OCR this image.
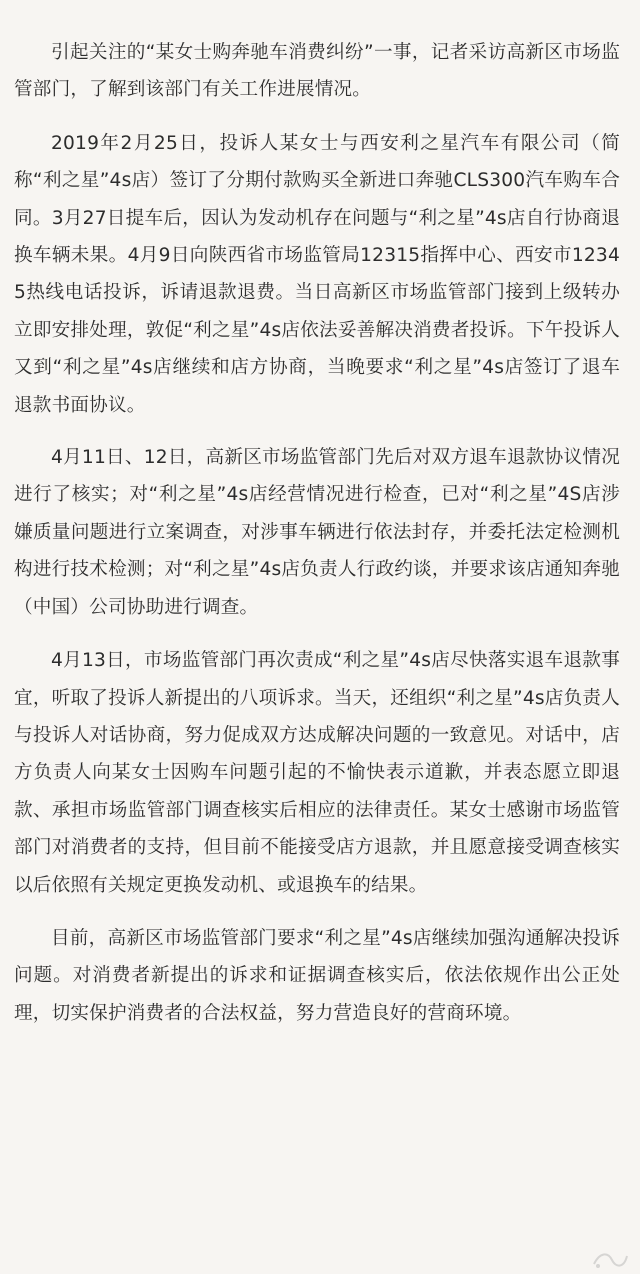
引起关注的“某女士购奔驰车消费纠纷”一事，记者采访高新区市场监管部门，了解到该部门有关工作进展情况。

2019年2月25日，投诉人某女士与西安利之星汽车有限公司（简称“利之星”4s店）签订了分期付款购买全新进口奔驰CLS300汽车购车合同。3月27日提车后，因认为发动机存在问题与“利之星”4s店自行协商退换车辆未果。4月9日向陕西省市场监管局12315指挥中心、西安市12345热线电话投诉，诉请退款退费。当日高新区市场监管部门接到上级转办立即安排处理，敦促“利之星”4s店依法妥善解决消费者投诉。下午投诉人又到“利之星”4s店继续和店方协商，当晚要求“利之星”4s店签订了退车退款书面协议。

4月11日、12日，高新区市场监管部门先后对双方退车退款协议情况进行了核实；对“利之星”4s店经营情况进行检查，已对“利之星”4S店涉嫌质量问题进行立案调查，对涉事车辆进行依法封存，并委托法定检测机构进行技术检测；对“利之星”4s店负责人行政约谈，并要求该店通知奔驰（中国）公司协助进行调查。

4月13日，市场监管部门再次责成“利之星”4s店尽快落实退车退款事宜，听取了投诉人新提出的八项诉求。当天，还组织“利之星”4s店负责人与投诉人对话协商，努力促成双方达成解决问题的一致意见。对话中，店方负责人向某女士因购车问题引起的不愉快表示道歉，并表态愿立即退款、承担市场监管部门调查核实后相应的法律责任。某女士感谢市场监管部门对消费者的支持，但目前不能接受店方退款，并且愿意接受调查核实以后依照有关规定更换发动机、或退换车的结果。

目前，高新区市场监管部门要求“利之星”4s店继续加强沟通解决投诉问题。对消费者新提出的诉求和证据调查核实后，依法依规作出公正处理，切实保护消费者的合法权益，努力营造良好的营商环境。
